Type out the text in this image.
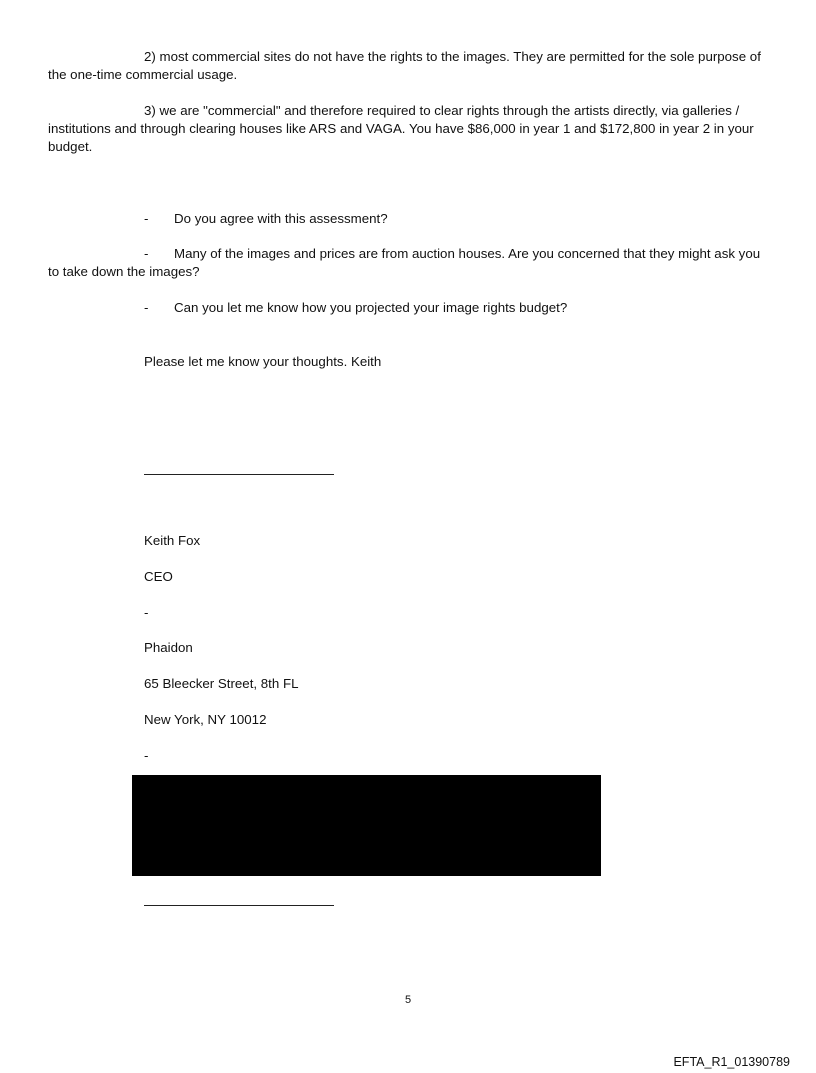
2) most commercial sites do not have the rights to the images. They are permitted for the sole purpose of the one-time commercial usage.

3) we are "commercial" and therefore required to clear rights through the artists directly, via galleries / institutions and through clearing houses like ARS and VAGA. You have $86,000 in year 1 and $172,800 in year 2 in your budget.

- Do you agree with this assessment?

- Many of the images and prices are from auction houses. Are you concerned that they might ask you to take down the images?

- Can you let me know how you projected your image rights budget?

Please let me know your thoughts. Keith

Keith Fox

CEO

-

Phaidon

65 Bleecker Street, 8th FL

New York, NY 10012

-

5
EFTA_R1_01390789
